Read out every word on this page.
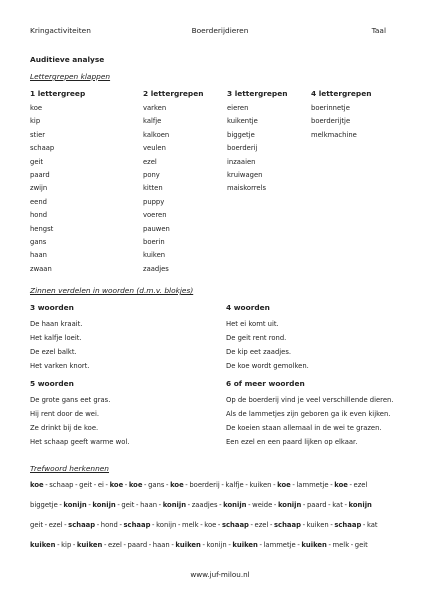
Kringactiviteiten	Boerderijdieren	Taal
Auditieve analyse
Lettergrepen klappen
1 lettergreep
koe
kip
stier
schaap
geit
paard
zwijn
eend
hond
hengst
gans
haan
zwaan
2 lettergrepen
varken
kalfje
kalkoen
veulen
ezel
pony
kitten
puppy
voeren
pauwen
boerin
kuiken
zaadjes
3 lettergrepen
eieren
kuikentje
biggetje
boerderij
inzaaien
kruiwagen
maiskorrels
4 lettergrepen
boerinnetje
boerderijtje
melkmachine
Zinnen verdelen in woorden (d.m.v. blokjes)
3 woorden
De haan kraait.
Het kalfje loeit.
De ezel balkt.
Het varken knort.
4 woorden
Het ei komt uit.
De geit rent rond.
De kip eet zaadjes.
De koe wordt gemolken.
5 woorden
De grote gans eet gras.
Hij rent door de wei.
Ze drinkt bij de koe.
Het schaap geeft warme wol.
6 of meer woorden
Op de boerderij vind je veel verschillende dieren.
Als de lammetjes zijn geboren ga ik even kijken.
De koeien staan allemaal in de wei te grazen.
Een ezel en een paard lijken op elkaar.
Trefwoord herkennen
koe - schaap - geit - ei - koe - koe - gans - koe - boerderij - kalfje - kuiken - koe - lammetje - koe - ezel
biggetje - konijn - konijn - geit - haan - konijn - zaadjes - konijn - weide - konijn - paard - kat - konijn
geit - ezel - schaap - hond - schaap - konijn - melk - koe - schaap - ezel - schaap - kuiken - schaap - kat
kuiken - kip - kuiken - ezel - paard - haan - kuiken - konijn - kuiken - lammetje - kuiken - melk - geit
www.juf-milou.nl
